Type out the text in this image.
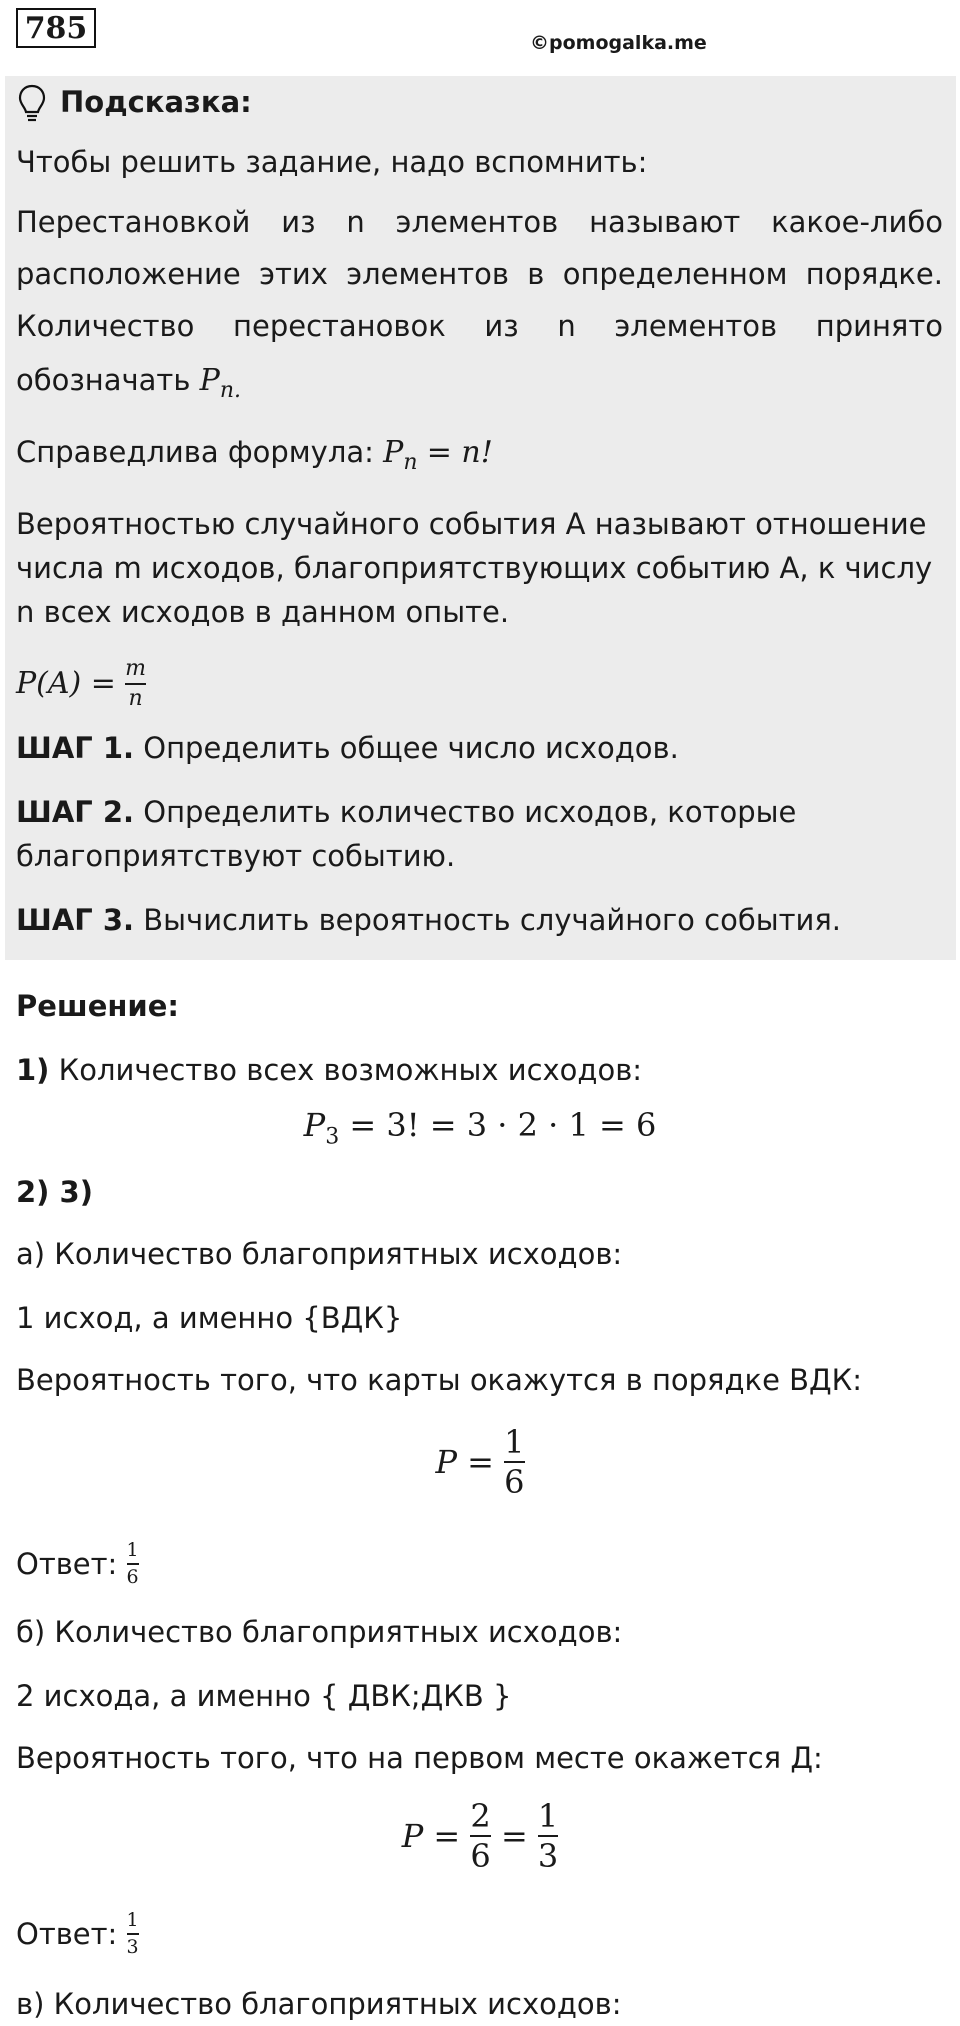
785	©pomogalka.me
Подсказка:
Чтобы решить задание, надо вспомнить:
Перестановкой из n элементов называют какое-либо
расположение этих элементов в определенном порядке.
Количество перестановок из n элементов принято
обозначать $P_{n.}$
Справедлива формула: $P_n = n$!
Вероятностью случайного события A называют отношение
числа m исходов, благоприятствующих событию A, к числу
n всех исходов в данном опыте.
$P(A) = \frac{m}{n}$
ШАГ 1. Определить общее число исходов.
ШАГ 2. Определить количество исходов, которые
благоприятствуют событию.
ШАГ 3. Вычислить вероятность случайного события.
Решение:
1) Количество всех возможных исходов:
$P_3 = 3$! = 3 · 2 · 1 = 6
2) 3)
а) Количество благоприятных исходов:
1 исход, а именно {ВДК}
Вероятность того, что карты окажутся в порядке ВДК:
$P = \frac{1}{6}$
Ответ: $\frac{1}{6}$
б) Количество благоприятных исходов:
2 исхода, а именно { ДВК;ДКВ }
Вероятность того, что на первом месте окажется Д:
$P = \frac{2}{6} = \frac{1}{3}$
Ответ: $\frac{1}{3}$
в) Количество благоприятных исходов:
